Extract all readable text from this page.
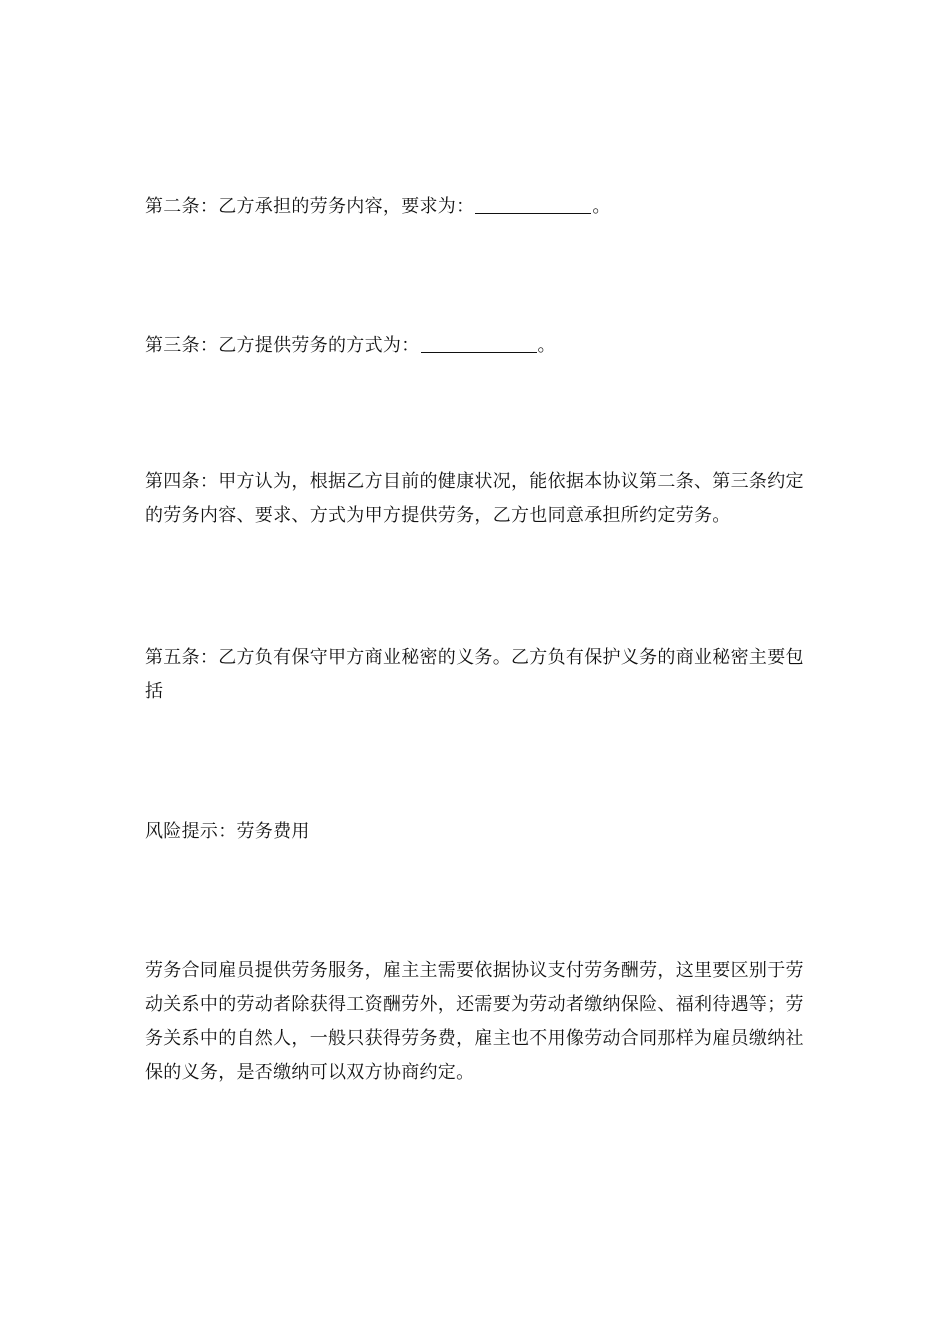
第二条：乙方承担的劳务内容，要求为：	。

第三条：乙方提供劳务的方式为：	。

第四条：甲方认为，根据乙方目前的健康状况，能依据本协议第二条、第三条约定的劳务内容、要求、方式为甲方提供劳务，乙方也同意承担所约定劳务。

第五条：乙方负有保守甲方商业秘密的义务。乙方负有保护义务的商业秘密主要包括

风险提示：劳务费用

劳务合同雇员提供劳务服务，雇主主需要依据协议支付劳务酬劳，这里要区别于劳动关系中的劳动者除获得工资酬劳外，还需要为劳动者缴纳保险、福利待遇等；劳务关系中的自然人，一般只获得劳务费，雇主也不用像劳动合同那样为雇员缴纳社保的义务，是否缴纳可以双方协商约定。
